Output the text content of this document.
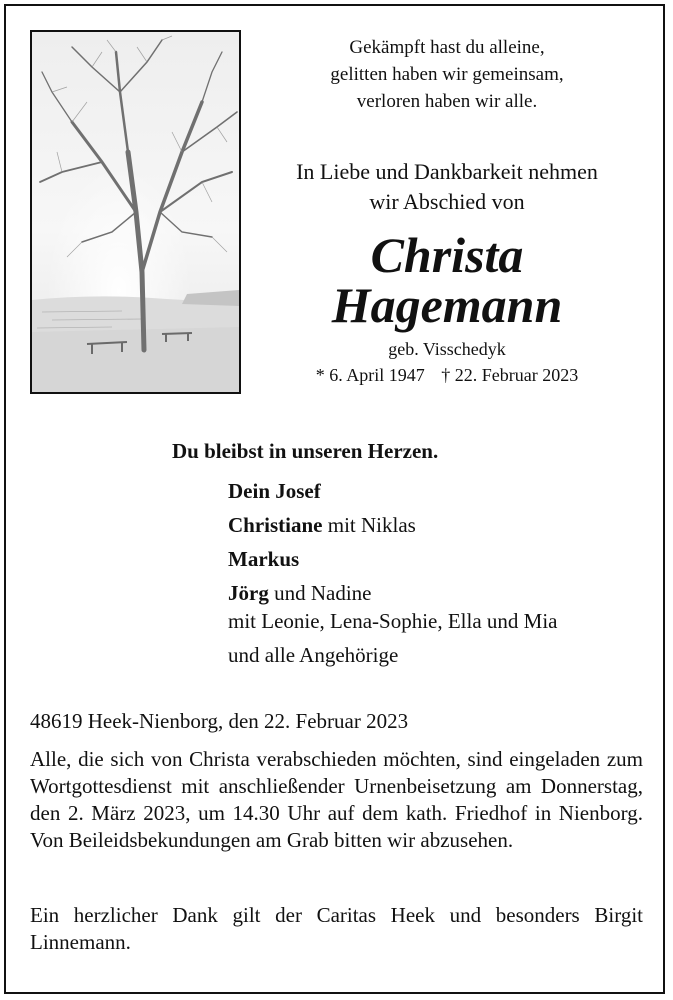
Gekämpft hast du alleine,
gelitten haben wir gemeinsam,
verloren haben wir alle.
In Liebe und Dankbarkeit nehmen
wir Abschied von
Christa
Hagemann
geb. Visschedyk
* 6. April 1947 † 22. Februar 2023
Du bleibst in unseren Herzen.
Dein Josef
Christiane mit Niklas
Markus
Jörg und Nadine
mit Leonie, Lena-Sophie, Ella und Mia
und alle Angehörige
48619 Heek-Nienborg, den 22. Februar 2023
Alle, die sich von Christa verabschieden möchten, sind eingeladen zum Wortgottesdienst mit anschließender Urnenbeisetzung am Donnerstag, den 2. März 2023, um 14.30 Uhr auf dem kath. Friedhof in Nienborg. Von Beileidsbekundungen am Grab bitten wir abzusehen.
Ein herzlicher Dank gilt der Caritas Heek und besonders Birgit Linnemann.
